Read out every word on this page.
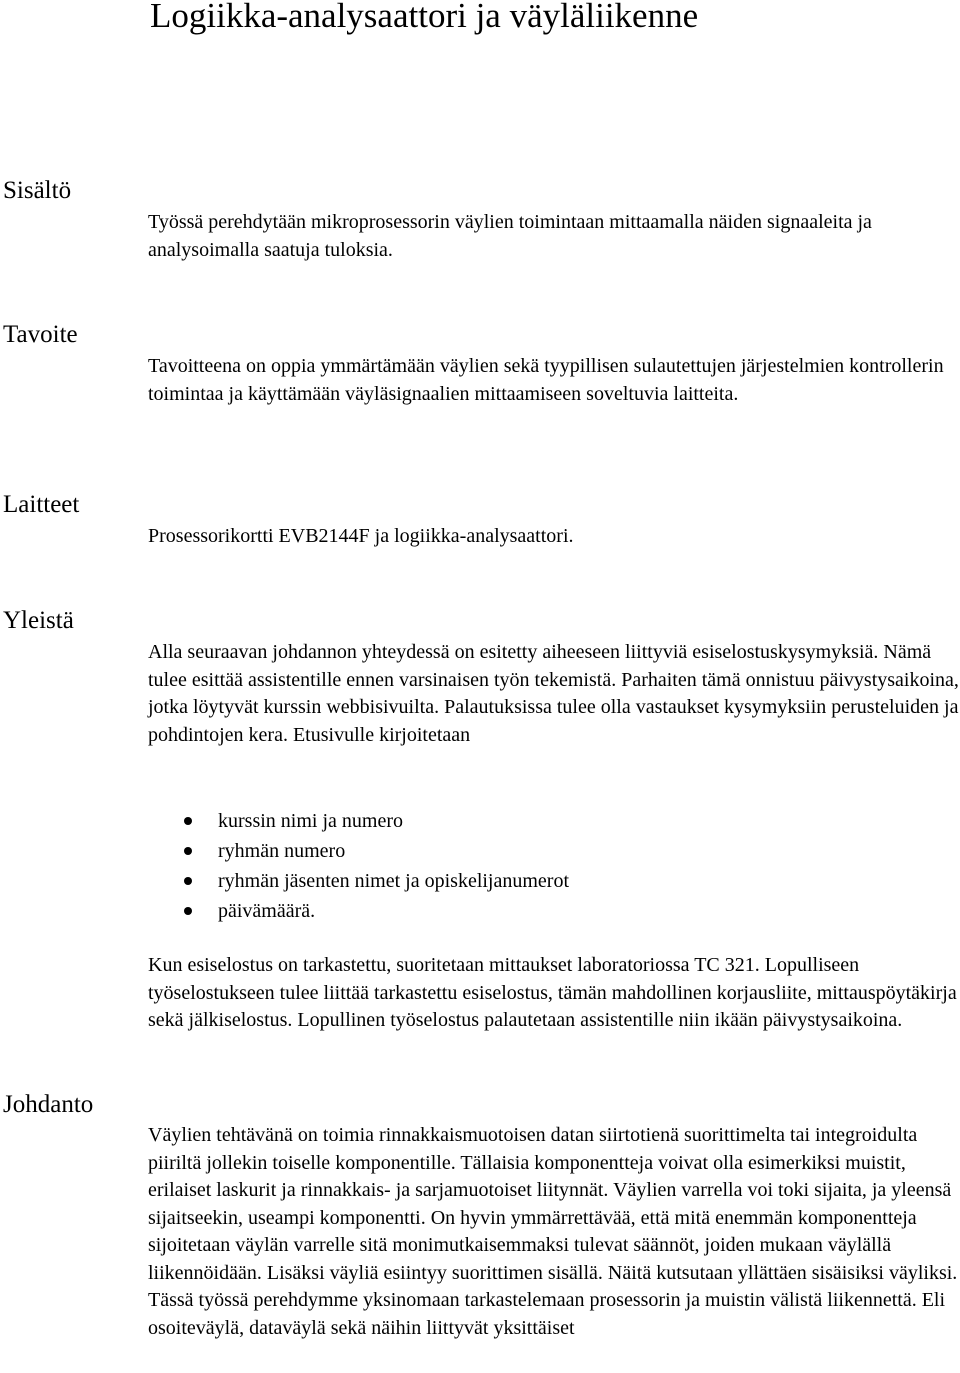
Logiikka-analysaattori ja väyläliikenne
Sisältö

Työssä perehdytään mikroprosessorin väylien toimintaan mittaamalla näiden signaaleita ja analysoimalla saatuja tuloksia.

Tavoite

Tavoitteena on oppia ymmärtämään väylien sekä tyypillisen sulautettujen järjestelmien kontrollerin toimintaa ja käyttämään väyläsignaalien mittaamiseen soveltuvia laitteita.

Laitteet

Prosessorikortti EVB2144F ja logiikka-analysaattori.

Yleistä

Alla seuraavan johdannon yhteydessä on esitetty aiheeseen liittyviä esiselostuskysymyksiä. Nämä tulee esittää assistentille ennen varsinaisen työn tekemistä. Parhaiten tämä onnistuu päivystysaikoina, jotka löytyvät kurssin webbisivuilta. Palautuksissa tulee olla vastaukset kysymyksiin perusteluiden ja pohdintojen kera. Etusivulle kirjoitetaan

kurssin nimi ja numero
ryhmän numero
ryhmän jäsenten nimet ja opiskelijanumerot
päivämäärä.

Kun esiselostus on tarkastettu, suoritetaan mittaukset laboratoriossa TC 321. Lopulliseen työselostukseen tulee liittää tarkastettu esiselostus, tämän mahdollinen korjausliite, mittauspöytäkirja sekä jälkiselostus. Lopullinen työselostus palautetaan assistentille niin ikään päivystysaikoina.

Johdanto

Väylien tehtävänä on toimia rinnakkaismuotoisen datan siirtotienä suorittimelta tai integroidulta piiriltä jollekin toiselle komponentille. Tällaisia komponentteja voivat olla esimerkiksi muistit, erilaiset laskurit ja rinnakkais- ja sarjamuotoiset liitynnät. Väylien varrella voi toki sijaita, ja yleensä sijaitseekin, useampi komponentti. On hyvin ymmärrettävää, että mitä enemmän komponentteja sijoitetaan väylän varrelle sitä monimutkaisemmaksi tulevat säännöt, joiden mukaan väylällä liikennöidään. Lisäksi väyliä esiintyy suorittimen sisällä. Näitä kutsutaan yllättäen sisäisiksi väyliksi. Tässä työssä perehdymme yksinomaan tarkastelemaan prosessorin ja muistin välistä liikennettä. Eli osoiteväylä, dataväylä sekä näihin liittyvät yksittäiset
